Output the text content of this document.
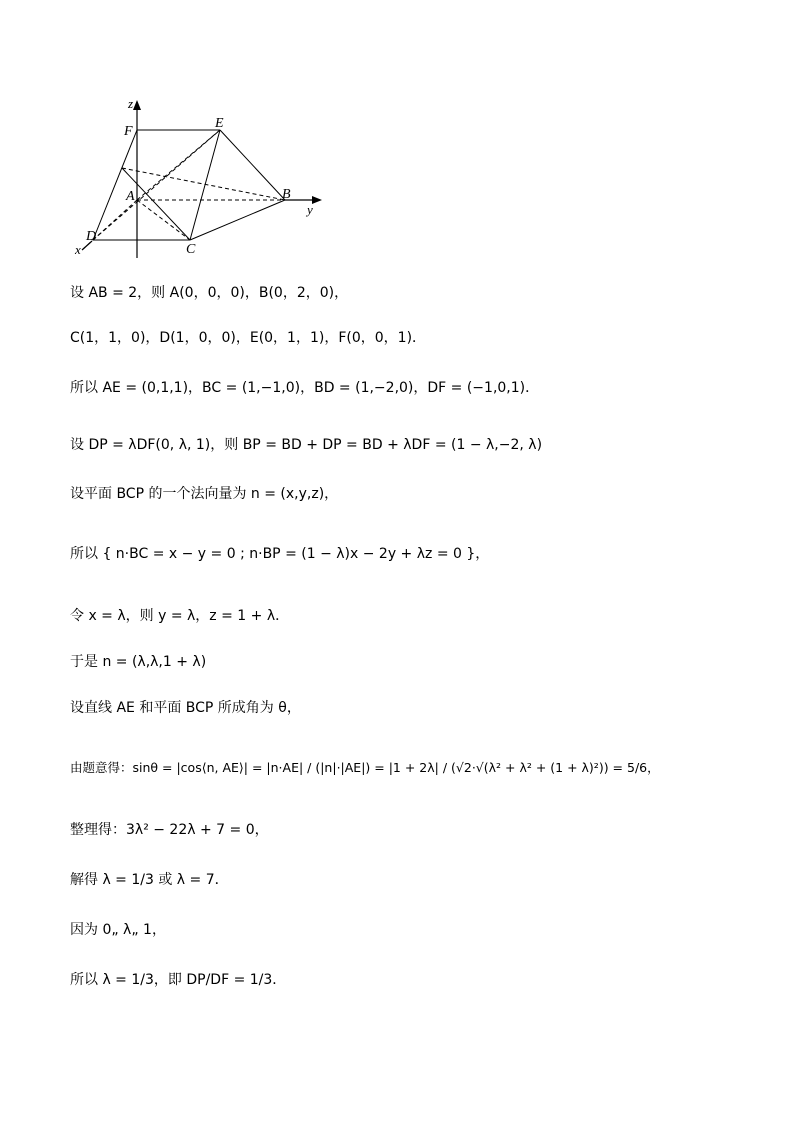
z
F
E
A	B
y
D
C
x
设 AB = 2，则 A(0，0，0)，B(0，2，0)，
C(1，1，0)，D(1，0，0)，E(0，1，1)，F(0，0，1)．
所以 AE = (0,1,1)，BC = (1,−1,0)，BD = (1,−2,0)，DF = (−1,0,1)．
设 DP = λDF(0, λ, 1)，则 BP = BD + DP = BD + λDF = (1 − λ,−2, λ)
设平面 BCP 的一个法向量为 n = (x,y,z)，
所以 { n·BC = x − y = 0 ; n·BP = (1 − λ)x − 2y + λz = 0 }，
令 x = λ，则 y = λ，z = 1 + λ．
于是 n = (λ,λ,1 + λ)
设直线 AE 和平面 BCP 所成角为 θ，
由题意得：sinθ = |cos⟨n, AE⟩| = |n·AE| / (|n|·|AE|) = |1 + 2λ| / (√2·√(λ² + λ² + (1 + λ)²)) = 5/6，
整理得：3λ² − 22λ + 7 = 0，
解得 λ = 1/3 或 λ = 7．
因为 0„ λ„ 1，
所以 λ = 1/3，即 DP/DF = 1/3．
